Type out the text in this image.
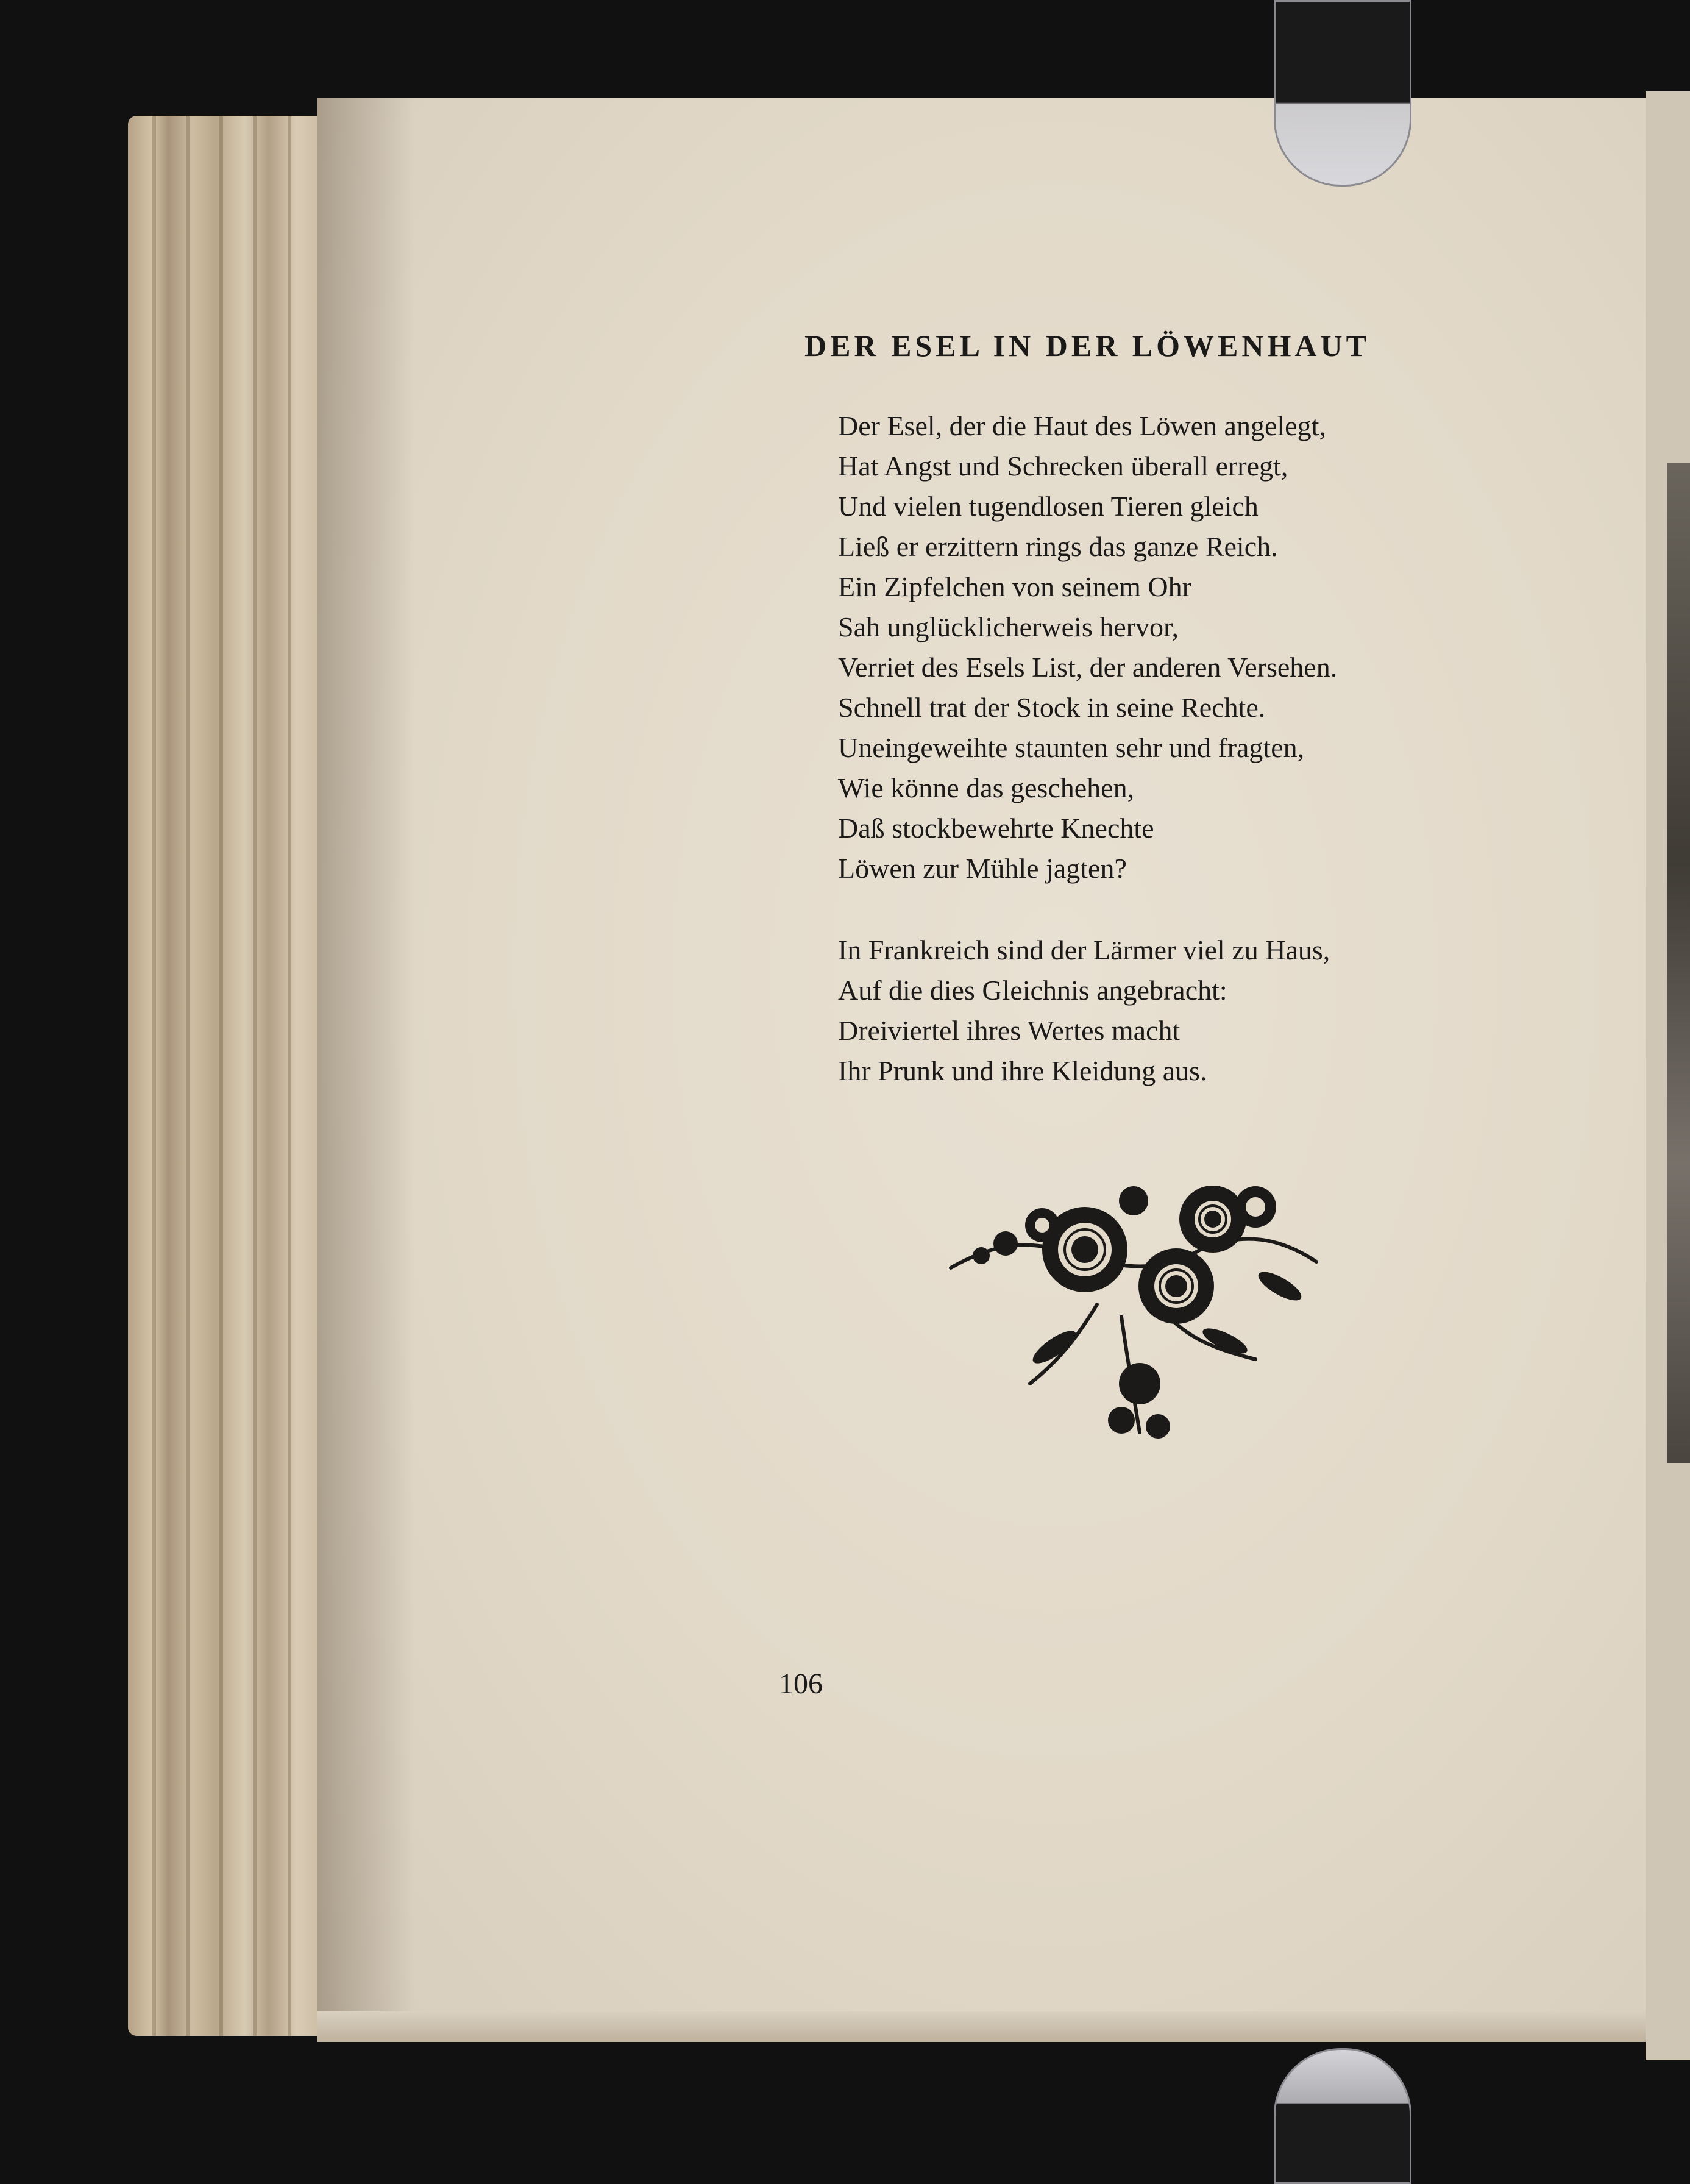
DER ESEL IN DER LÖWENHAUT
Der Esel, der die Haut des Löwen angelegt,
Hat Angst und Schrecken überall erregt,
Und vielen tugendlosen Tieren gleich
Ließ er erzittern rings das ganze Reich.
Ein Zipfelchen von seinem Ohr
Sah unglücklicherweis hervor,
Verriet des Esels List, der anderen Versehen.
Schnell trat der Stock in seine Rechte.
Uneingeweihte staunten sehr und fragten,
Wie könne das geschehen,
Daß stockbewehrte Knechte
Löwen zur Mühle jagten?
In Frankreich sind der Lärmer viel zu Haus,
Auf die dies Gleichnis angebracht:
Dreiviertel ihres Wertes macht
Ihr Prunk und ihre Kleidung aus.
106
